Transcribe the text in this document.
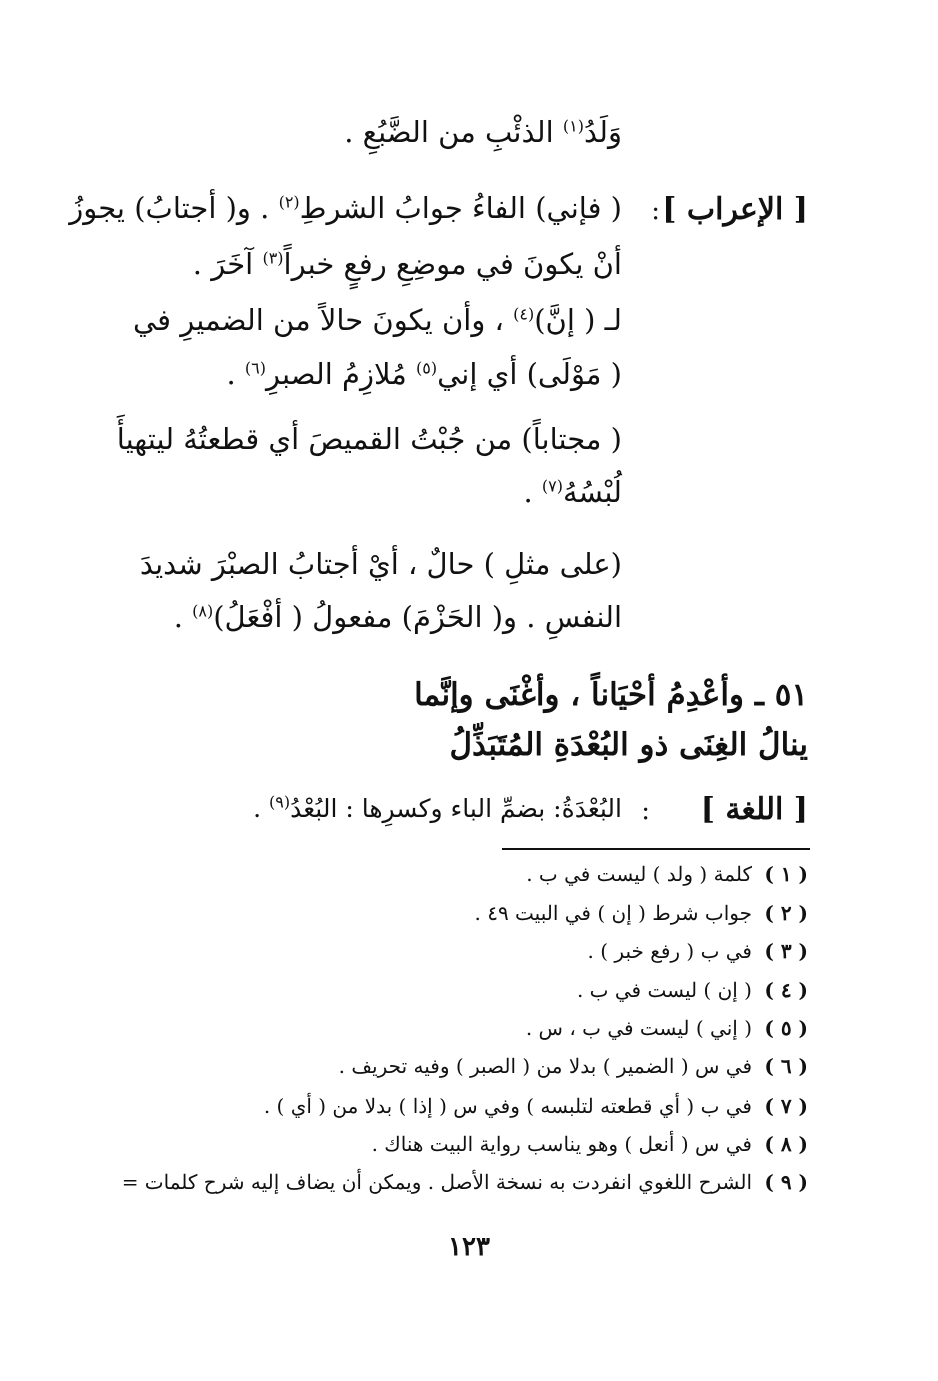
وَلَدُ$^{(١)}$ الذئْبِ من الضَّبُعِ .
[ الإعراب ]
:
( فإني) الفاءُ جوابُ الشرطِ$^{(٢)}$ . و( أجتابُ) يجوزُ
أنْ يكونَ في موضِعِ رفعٍ خبراً$^{(٣)}$ آخَرَ .
لـ ( إنَّ)$^{(٤)}$ ، وأن يكونَ حالاً من الضميرِ في
( مَوْلَى) أي إني$^{(٥)}$ مُلازِمُ الصبرِ$^{(٦)}$ .
( مجتاباً) من جُبْتُ القميصَ أي قطعتُهُ ليتهيأَ
لُبْسُهُ$^{(٧)}$ .
(على مثلِ ) حالٌ ، أيْ أجتابُ الصبْرَ شديدَ
النفسِ . و( الحَزْمَ) مفعولُ ( أفْعَلُ)$^{(٨)}$ .
٥١ ـ وأعْدِمُ أحْيَاناً ، وأغْنَى وإنَّما
ينالُ الغِنَى ذو البُعْدَةِ المُتَبَذِّلُ
[ اللغة ]
:
البُعْدَةُ: بضمِّ الباء وكسرِها : البُعْدُ$^{(٩)}$ .
( ١ )كلمة ( ولد ) ليست في ب .
( ٢ )جواب شرط ( إن ) في البيت ٤٩ .
( ٣ )في ب ( رفع خبر ) .
( ٤ )( إن ) ليست في ب .
( ٥ )( إني ) ليست في ب ، س .
( ٦ )في س ( الضمير ) بدلا من ( الصبر ) وفيه تحريف .
( ٧ )في ب ( أي قطعته لتلبسه ) وفي س ( إذا ) بدلا من ( أي ) .
( ٨ )في س ( أنعل ) وهو يناسب رواية البيت هناك .
( ٩ )الشرح اللغوي انفردت به نسخة الأصل . ويمكن أن يضاف إليه شرح كلمات =
١٢٣
